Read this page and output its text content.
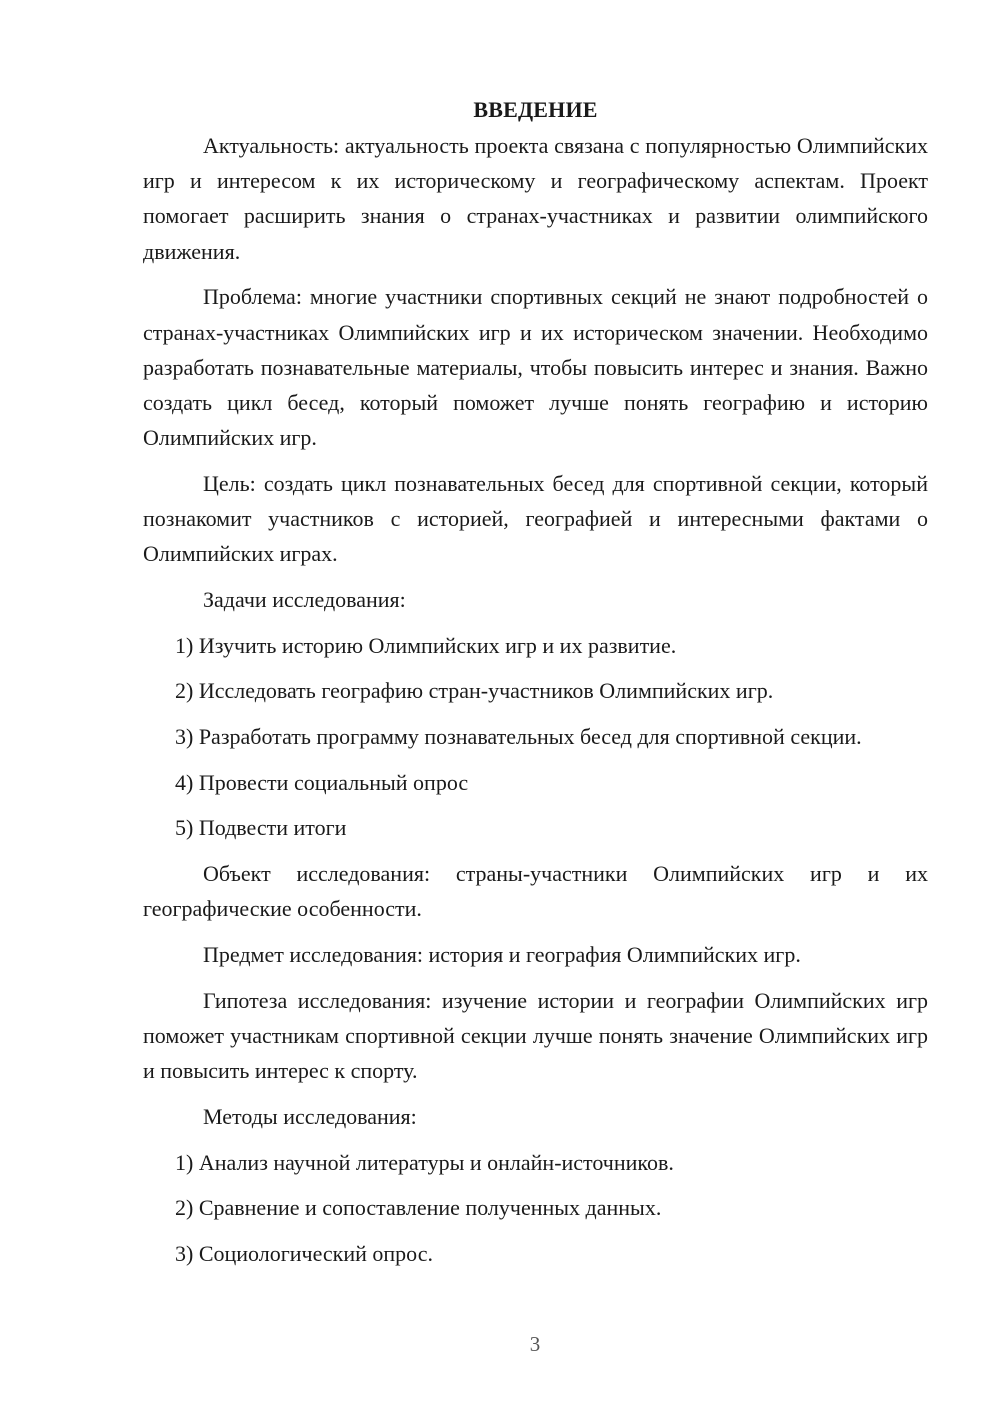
ВВЕДЕНИЕ

Актуальность: актуальность проекта связана с популярностью Олимпийских игр и интересом к их историческому и географическому аспектам. Проект помогает расширить знания о странах-участниках и развитии олимпийского движения.

Проблема: многие участники спортивных секций не знают подробностей о странах-участниках Олимпийских игр и их историческом значении. Необходимо разработать познавательные материалы, чтобы повысить интерес и знания. Важно создать цикл бесед, который поможет лучше понять географию и историю Олимпийских игр.

Цель: создать цикл познавательных бесед для спортивной секции, который познакомит участников с историей, географией и интересными фактами о Олимпийских играх.

Задачи исследования:

1) Изучить историю Олимпийских игр и их развитие.

2) Исследовать географию стран-участников Олимпийских игр.

3) Разработать программу познавательных бесед для спортивной секции.

4) Провести социальный опрос

5) Подвести итоги

Объект исследования: страны-участники Олимпийских игр и их географические особенности.

Предмет исследования: история и география Олимпийских игр.

Гипотеза исследования: изучение истории и географии Олимпийских игр поможет участникам спортивной секции лучше понять значение Олимпийских игр и повысить интерес к спорту.

Методы исследования:

1) Анализ научной литературы и онлайн-источников.

2) Сравнение и сопоставление полученных данных.

3) Социологический опрос.

3
